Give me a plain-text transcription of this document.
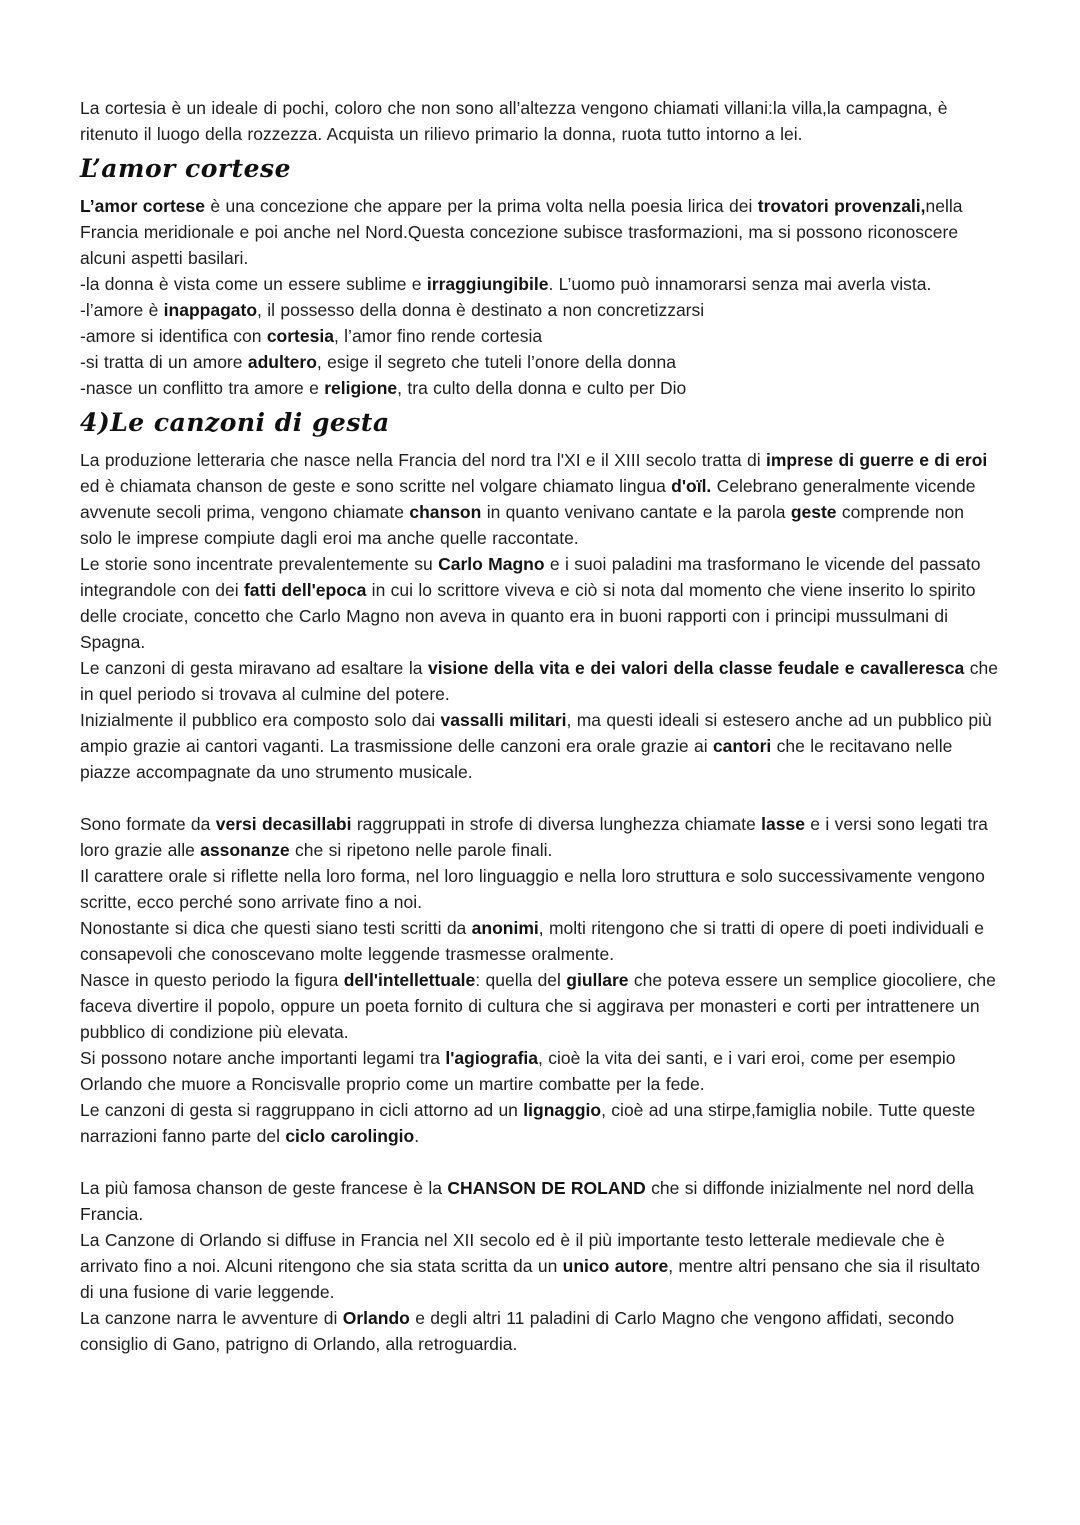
La cortesia è un ideale di pochi, coloro che non sono all’altezza vengono chiamati villani:la villa,la campagna, è ritenuto il luogo della rozzezza. Acquista un rilievo primario la donna, ruota tutto intorno a lei.

L’amor cortese

L’amor cortese è una concezione che appare per la prima volta nella poesia lirica dei trovatori provenzali,nella Francia meridionale e poi anche nel Nord.Questa concezione subisce trasformazioni, ma si possono riconoscere alcuni aspetti basilari.

-la donna è vista come un essere sublime e irraggiungibile. L’uomo può innamorarsi senza mai averla vista.

-l’amore è inappagato, il possesso della donna è destinato a non concretizzarsi

-amore si identifica con cortesia, l’amor fino rende cortesia

-si tratta di un amore adultero, esige il segreto che tuteli l’onore della donna

-nasce un conflitto tra amore e religione, tra culto della donna e culto per Dio

4)Le canzoni di gesta

La produzione letteraria che nasce nella Francia del nord tra l'XI e il XIII secolo tratta di imprese di guerre e di eroi ed è chiamata chanson de geste e sono scritte nel volgare chiamato lingua d'oïl. Celebrano generalmente vicende avvenute secoli prima, vengono chiamate chanson in quanto venivano cantate e la parola geste comprende non solo le imprese compiute dagli eroi ma anche quelle raccontate.

Le storie sono incentrate prevalentemente su Carlo Magno e i suoi paladini ma trasformano le vicende del passato integrandole con dei fatti dell'epoca in cui lo scrittore viveva e ciò si nota dal momento che viene inserito lo spirito delle crociate, concetto che Carlo Magno non aveva in quanto era in buoni rapporti con i principi mussulmani di Spagna.

Le canzoni di gesta miravano ad esaltare la visione della vita e dei valori della classe feudale e cavalleresca che in quel periodo si trovava al culmine del potere.

Inizialmente il pubblico era composto solo dai vassalli militari, ma questi ideali si estesero anche ad un pubblico più ampio grazie ai cantori vaganti. La trasmissione delle canzoni era orale grazie ai cantori che le recitavano nelle piazze accompagnate da uno strumento musicale.

Sono formate da versi decasillabi raggruppati in strofe di diversa lunghezza chiamate lasse e i versi sono legati tra loro grazie alle assonanze che si ripetono nelle parole finali.

Il carattere orale si riflette nella loro forma, nel loro linguaggio e nella loro struttura e solo successivamente vengono scritte, ecco perché sono arrivate fino a noi.

Nonostante si dica che questi siano testi scritti da anonimi, molti ritengono che si tratti di opere di poeti individuali e consapevoli che conoscevano molte leggende trasmesse oralmente.

Nasce in questo periodo la figura dell'intellettuale: quella del giullare che poteva essere un semplice giocoliere, che faceva divertire il popolo, oppure un poeta fornito di cultura che si aggirava per monasteri e corti per intrattenere un pubblico di condizione più elevata.

Si possono notare anche importanti legami tra l'agiografia, cioè la vita dei santi, e i vari eroi, come per esempio Orlando che muore a Roncisvalle proprio come un martire combatte per la fede.

Le canzoni di gesta si raggruppano in cicli attorno ad un lignaggio, cioè ad una stirpe,famiglia nobile. Tutte queste narrazioni fanno parte del ciclo carolingio.

La più famosa chanson de geste francese è la CHANSON DE ROLAND che si diffonde inizialmente nel nord della Francia.

La Canzone di Orlando si diffuse in Francia nel XII secolo ed è il più importante testo letterale medievale che è arrivato fino a noi. Alcuni ritengono che sia stata scritta da un unico autore, mentre altri pensano che sia il risultato di una fusione di varie leggende.

La canzone narra le avventure di Orlando e degli altri 11 paladini di Carlo Magno che vengono affidati, secondo consiglio di Gano, patrigno di Orlando, alla retroguardia.
